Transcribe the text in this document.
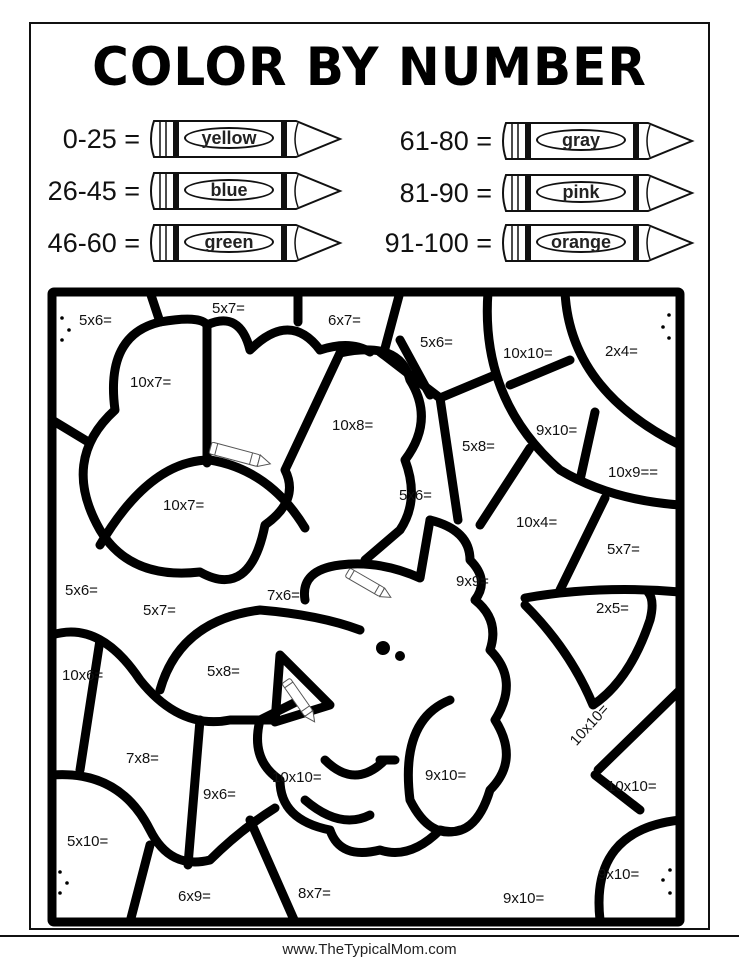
COLOR BY NUMBER
0-25 =	yellow
26-45 =	blue
46-60 =	green
61-80 =	gray
81-90 =	pink
91-100 =	orange
5x6=
5x7=
6x7=
5x6=
10x10=	2x4=
10x7=
10x8=
5x8=
9x10=
10x9==
10x7=
5x6=
10x4=
5x7=
5x6=
5x7=
7x6=
9x9=
2x5=
10x6=	5x8=
10x10=
7x8=
10x10=	9x10=
10x10=
9x6=
5x10=
9x10=
6x9=	8x7=	9x10=
www.TheTypicalMom.com
